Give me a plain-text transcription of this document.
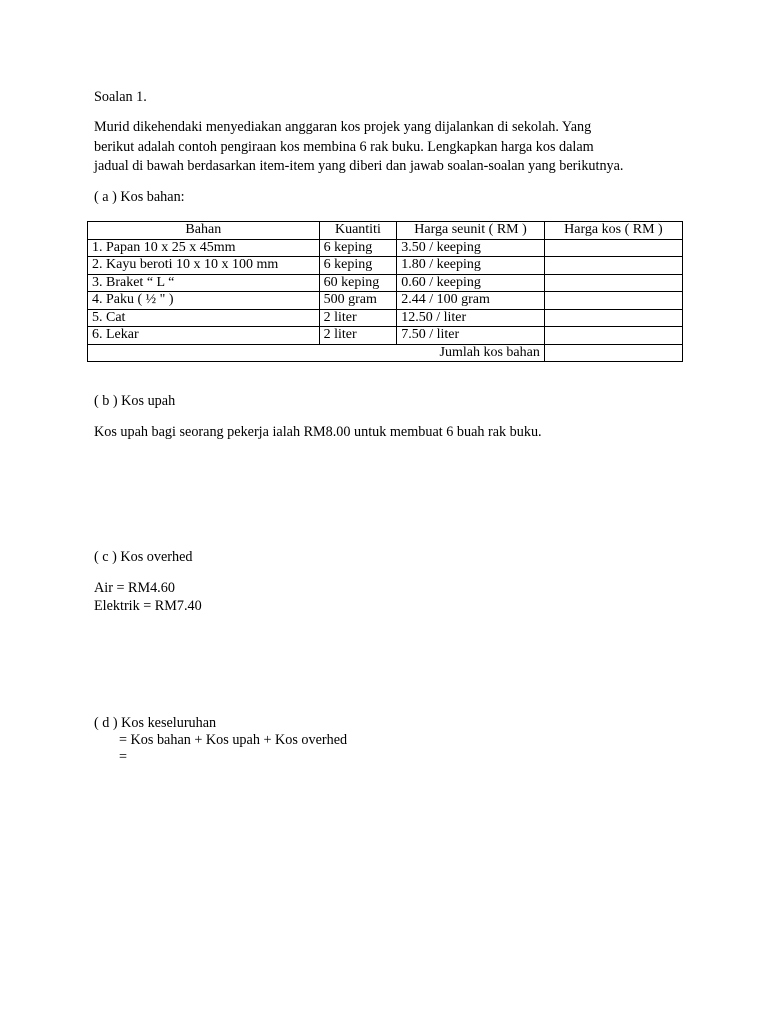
Soalan 1.
Murid dikehendaki menyediakan anggaran kos projek yang dijalankan di sekolah. Yang
berikut adalah contoh pengiraan kos membina 6 rak buku. Lengkapkan harga kos dalam
jadual di bawah berdasarkan item-item yang diberi dan jawab soalan-soalan yang berikutnya.
( a ) Kos bahan:
Bahan	Kuantiti	Harga seunit ( RM )	Harga kos ( RM )
1. Papan 10 x 25 x 45mm	6 keping	3.50 / keeping	
2. Kayu beroti 10 x 10 x 100 mm	6 keping	1.80 / keeping	
3. Braket “ L “	60 keping	0.60 / keeping	
4. Paku ( ½ " )	500 gram	2.44 / 100 gram	
5. Cat	2 liter	12.50 / liter	
6. Lekar	2 liter	7.50 / liter	
Jumlah kos bahan			
( b ) Kos upah
Kos upah bagi seorang pekerja ialah RM8.00 untuk membuat 6 buah rak buku.
( c ) Kos overhed
Air = RM4.60
Elektrik = RM7.40
( d ) Kos keseluruhan
= Kos bahan + Kos upah + Kos overhed
=
